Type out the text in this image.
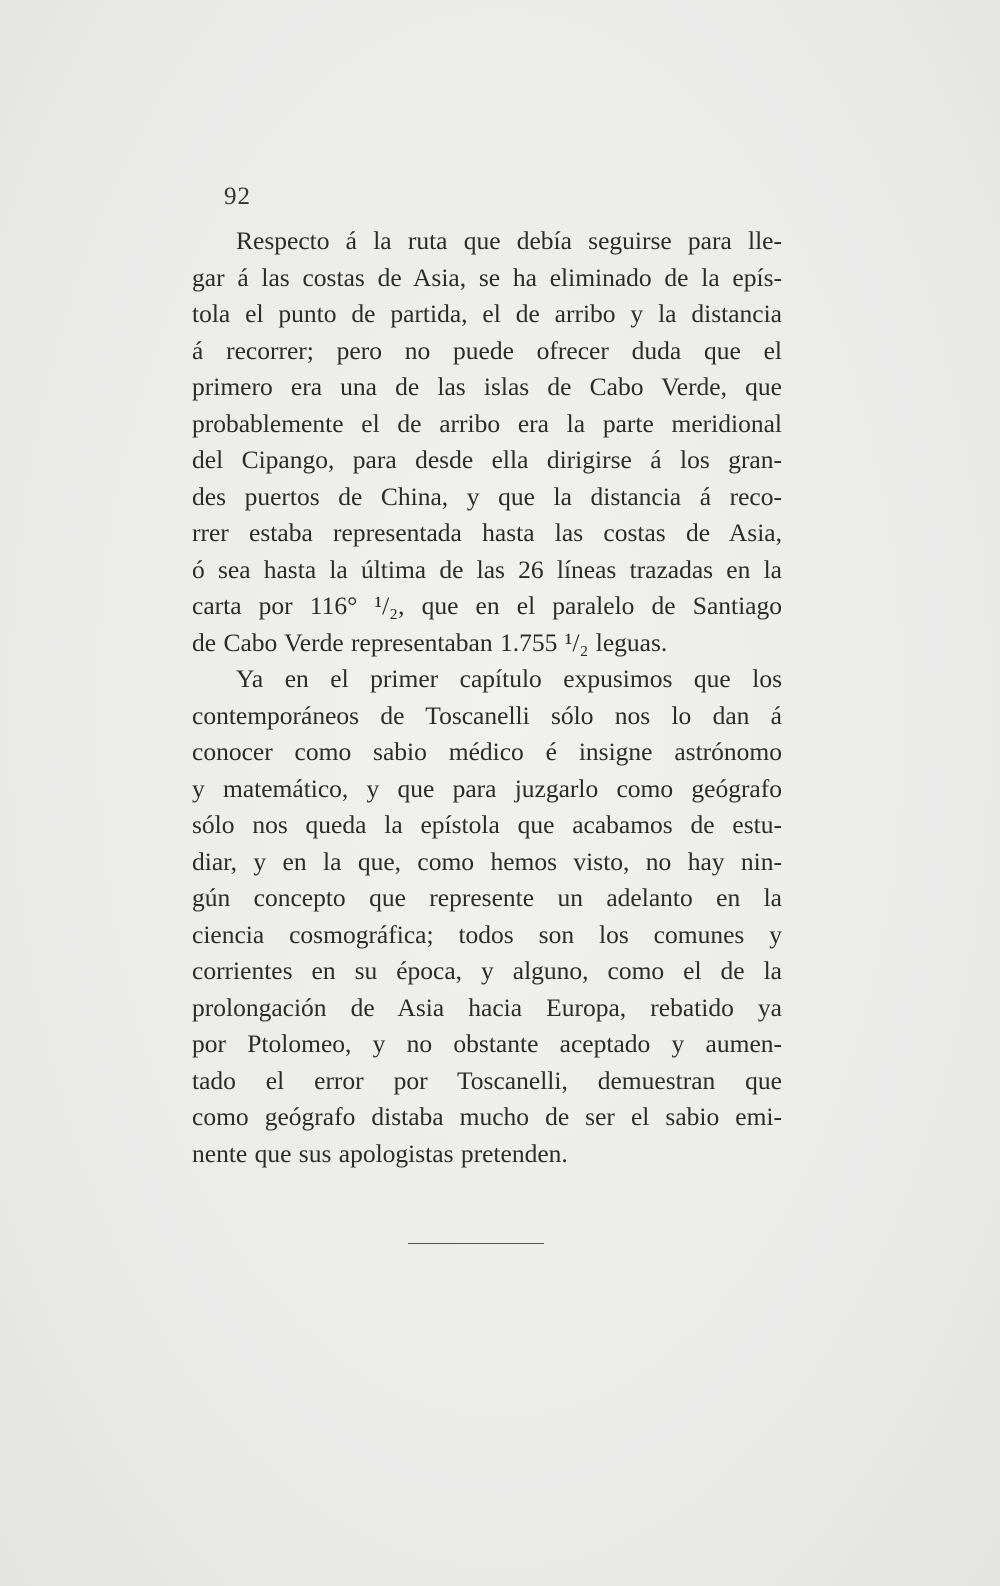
92
Respecto á la ruta que debía seguirse para lle-
gar á las costas de Asia, se ha eliminado de la epís-
tola el punto de partida, el de arribo y la distancia
á recorrer; pero no puede ofrecer duda que el
primero era una de las islas de Cabo Verde, que
probablemente el de arribo era la parte meridional
del Cipango, para desde ella dirigirse á los gran-
des puertos de China, y que la distancia á reco-
rrer estaba representada hasta las costas de Asia,
ó sea hasta la última de las 26 líneas trazadas en la
carta por 116° ¹/₂, que en el paralelo de Santiago
de Cabo Verde representaban 1.755 ¹/₂ leguas.
Ya en el primer capítulo expusimos que los
contemporáneos de Toscanelli sólo nos lo dan á
conocer como sabio médico é insigne astrónomo
y matemático, y que para juzgarlo como geógrafo
sólo nos queda la epístola que acabamos de estu-
diar, y en la que, como hemos visto, no hay nin-
gún concepto que represente un adelanto en la
ciencia cosmográfica; todos son los comunes y
corrientes en su época, y alguno, como el de la
prolongación de Asia hacia Europa, rebatido ya
por Ptolomeo, y no obstante aceptado y aumen-
tado el error por Toscanelli, demuestran que
como geógrafo distaba mucho de ser el sabio emi-
nente que sus apologistas pretenden.
